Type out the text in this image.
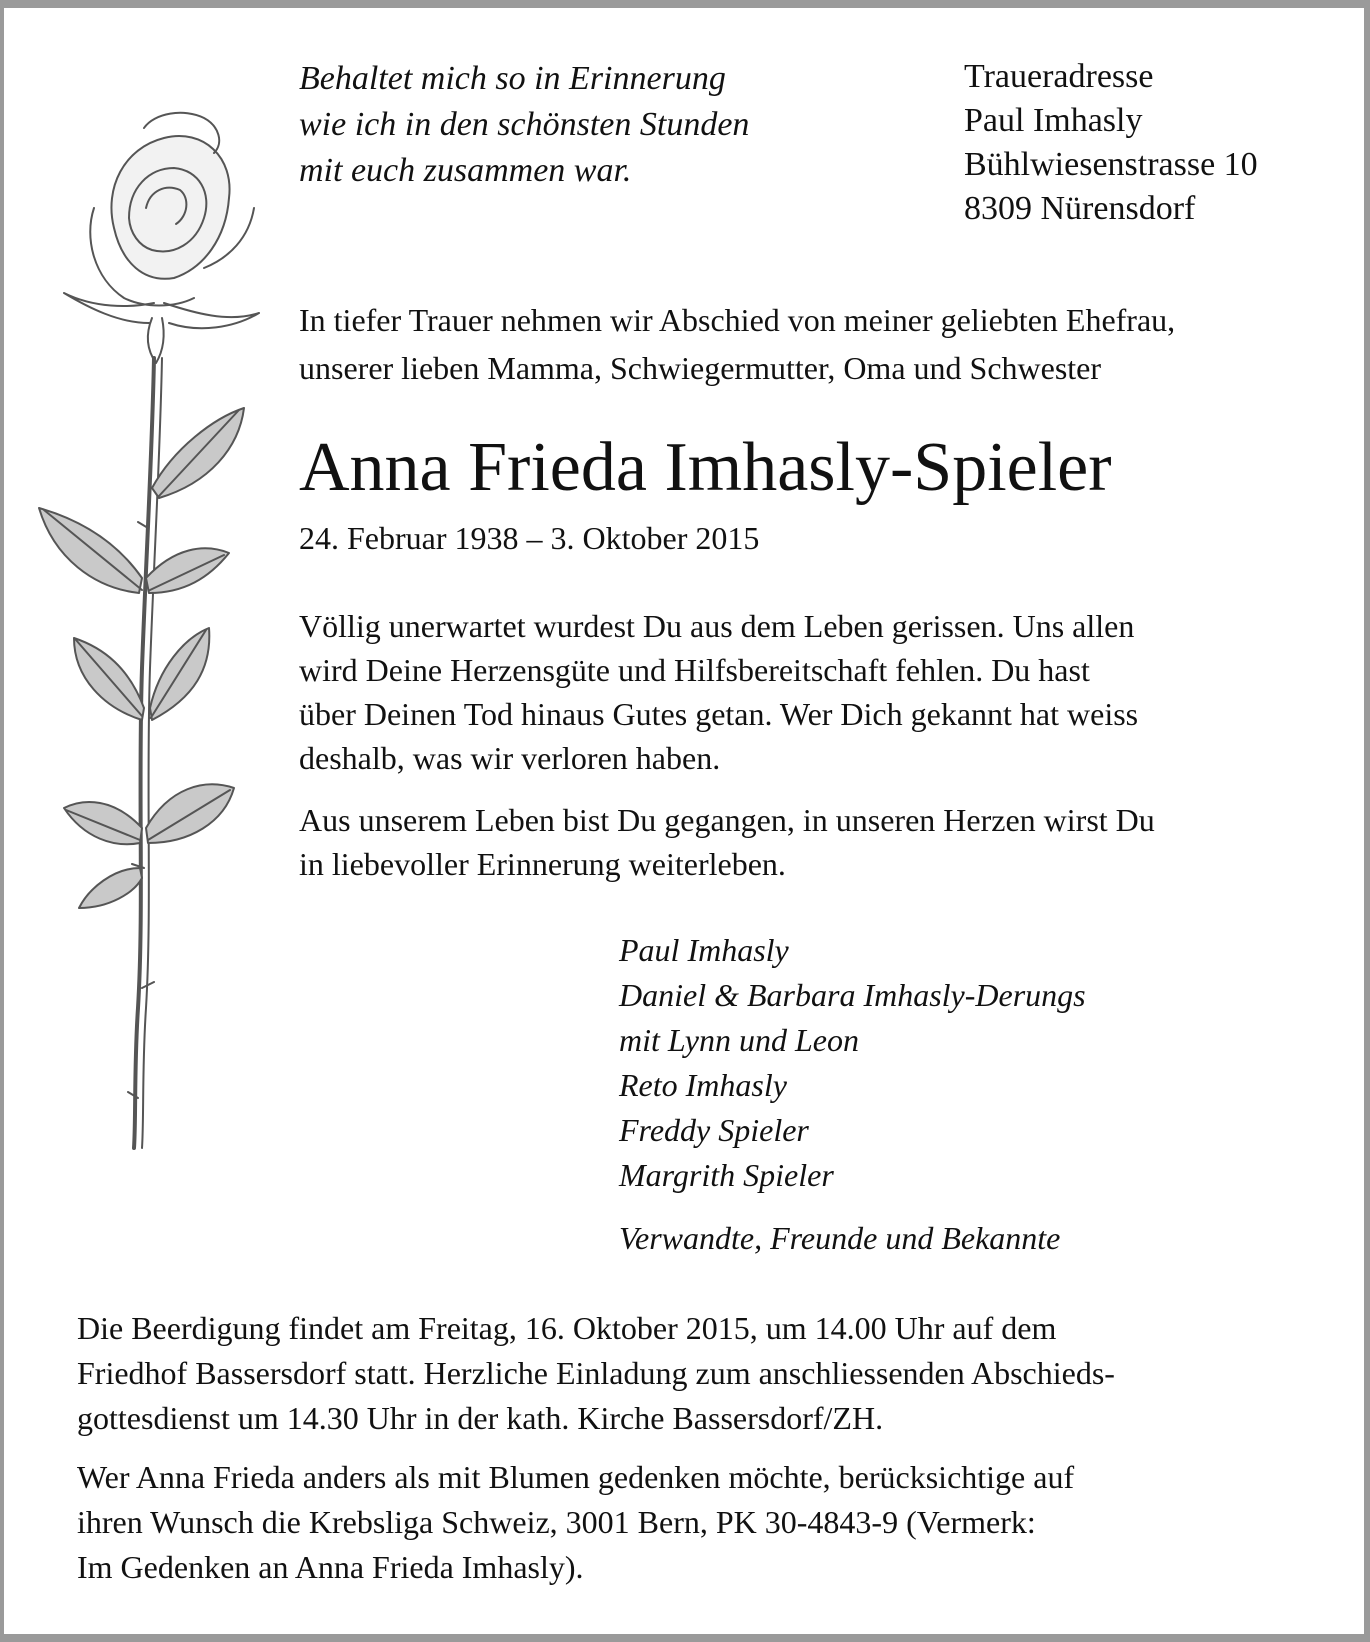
Behaltet mich so in Erinnerung
wie ich in den schönsten Stunden
mit euch zusammen war.

Traueradresse
Paul Imhasly
Bühlwiesenstrasse 10
8309 Nürensdorf

In tiefer Trauer nehmen wir Abschied von meiner geliebten Ehefrau,
unserer lieben Mamma, Schwiegermutter, Oma und Schwester

Anna Frieda Imhasly-Spieler

24. Februar 1938 – 3. Oktober 2015

Völlig unerwartet wurdest Du aus dem Leben gerissen. Uns allen
wird Deine Herzensgüte und Hilfsbereitschaft fehlen. Du hast
über Deinen Tod hinaus Gutes getan. Wer Dich gekannt hat weiss
deshalb, was wir verloren haben.

Aus unserem Leben bist Du gegangen, in unseren Herzen wirst Du
in liebevoller Erinnerung weiterleben.

Paul Imhasly
Daniel & Barbara Imhasly-Derungs
mit Lynn und Leon
Reto Imhasly
Freddy Spieler
Margrith Spieler

Verwandte, Freunde und Bekannte

Die Beerdigung findet am Freitag, 16. Oktober 2015, um 14.00 Uhr auf dem
Friedhof Bassersdorf statt. Herzliche Einladung zum anschliessenden Abschieds-
gottesdienst um 14.30 Uhr in der kath. Kirche Bassersdorf/ZH.

Wer Anna Frieda anders als mit Blumen gedenken möchte, berücksichtige auf
ihren Wunsch die Krebsliga Schweiz, 3001 Bern, PK 30-4843-9 (Vermerk:
Im Gedenken an Anna Frieda Imhasly).
